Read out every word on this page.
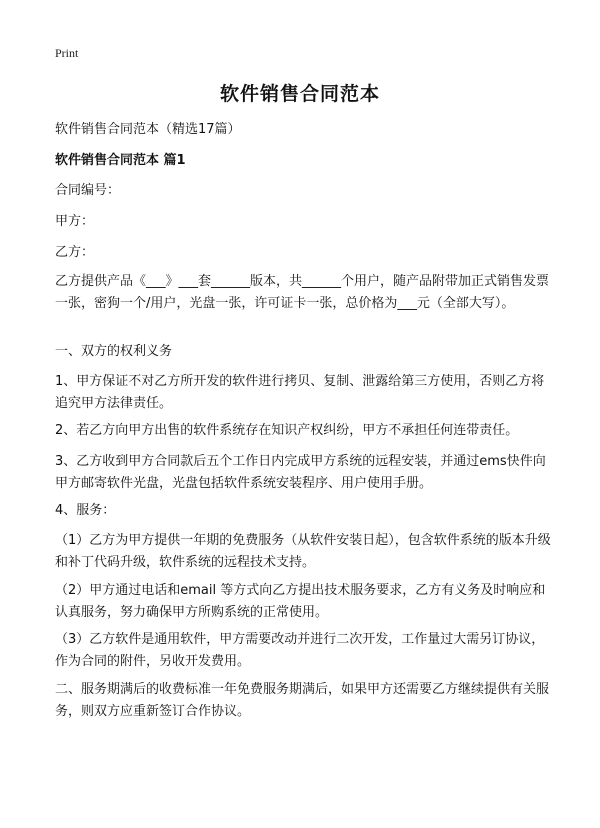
Print
软件销售合同范本
软件销售合同范本（精选17篇）
软件销售合同范本 篇1
合同编号：
甲方：
乙方：
乙方提供产品《___》___套______版本，共______个用户，随产品附带加正式销售发票一张，密狗一个/用户，光盘一张，许可证卡一张，总价格为___元（全部大写）。
一、双方的权利义务
1、甲方保证不对乙方所开发的软件进行拷贝、复制、泄露给第三方使用，否则乙方将追究甲方法律责任。
2、若乙方向甲方出售的软件系统存在知识产权纠纷，甲方不承担任何连带责任。
3、乙方收到甲方合同款后五个工作日内完成甲方系统的远程安装，并通过ems快件向甲方邮寄软件光盘，光盘包括软件系统安装程序、用户使用手册。
4、服务：
（1）乙方为甲方提供一年期的免费服务（从软件安装日起），包含软件系统的版本升级和补丁代码升级，软件系统的远程技术支持。
（2）甲方通过电话和email 等方式向乙方提出技术服务要求，乙方有义务及时响应和认真服务，努力确保甲方所购系统的正常使用。
（3）乙方软件是通用软件，甲方需要改动并进行二次开发，工作量过大需另订协议，作为合同的附件，另收开发费用。
二、服务期满后的收费标准一年免费服务期满后，如果甲方还需要乙方继续提供有关服务，则双方应重新签订合作协议。
